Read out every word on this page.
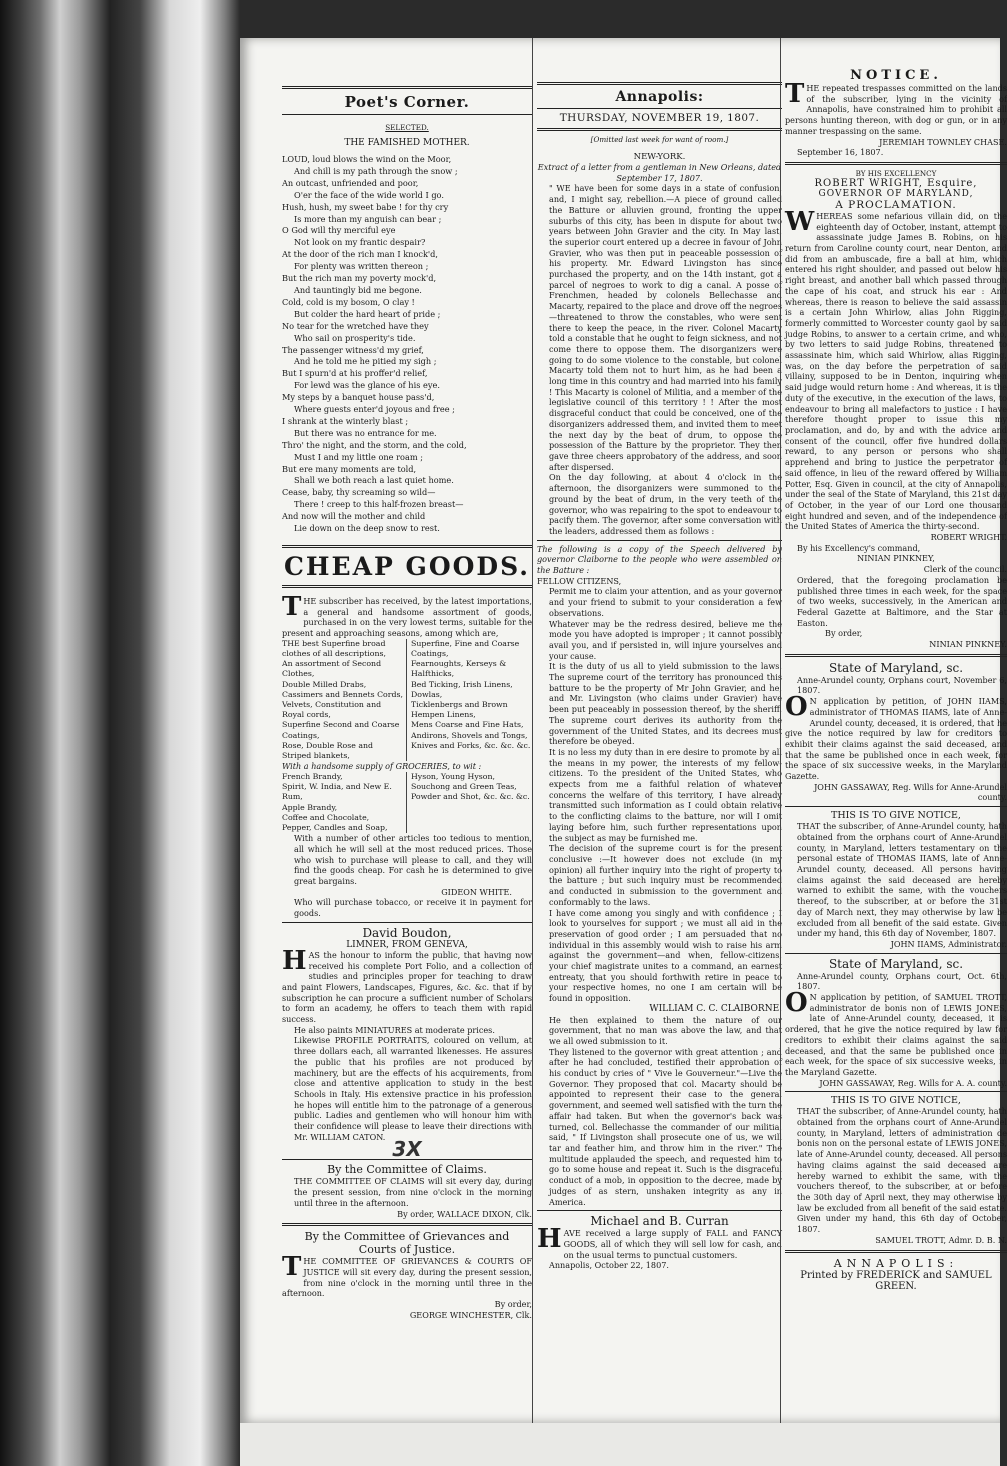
Poet's Corner.
SELECTED.
THE FAMISHED MOTHER.
LOUD, loud blows the wind on the Moor,
And chill is my path through the snow ;
An outcast, unfriended and poor,
O'er the face of the wide world I go.
Hush, hush, my sweet babe ! for thy cry
Is more than my anguish can bear ;
O God will thy merciful eye
Not look on my frantic despair?
At the door of the rich man I knock'd,
For plenty was written thereon ;
But the rich man my poverty mock'd,
And tauntingly bid me begone.
Cold, cold is my bosom, O clay !
But colder the hard heart of pride ;
No tear for the wretched have they
Who sail on prosperity's tide.
The passenger witness'd my grief,
And he told me he pitied my sigh ;
But I spurn'd at his proffer'd relief,
For lewd was the glance of his eye.
My steps by a banquet house pass'd,
Where guests enter'd joyous and free ;
I shrank at the winterly blast ;
But there was no entrance for me.
Thro' the night, and the storm, and the cold,
Must I and my little one roam ;
But ere many moments are told,
Shall we both reach a last quiet home.
Cease, baby, thy screaming so wild—
There ! creep to this half-frozen breast—
And now will the mother and child
Lie down on the deep snow to rest.
CHEAP GOODS.

THE subscriber has received, by the latest importations, a general and handsome assortment of goods, purchased in on the very lowest terms, suitable for the present and approaching seasons, among which are,

THE best Superfine broad clothes of all descriptions,
An assortment of Second Clothes,
Double Milled Drabs,
Cassimers and Bennets Cords,
Velvets, Constitution and Royal cords,
Superfine Second and Coarse Coatings,
Rose, Double Rose and Striped blankets,
Superfine, Fine and Coarse Coatings,
Fearnoughts, Kerseys & Halfthicks,
Bed Ticking, Irish Linens, Dowlas,
Ticklenbergs and Brown Hempen Linens,
Mens Coarse and Fine Hats,
Andirons, Shovels and Tongs,
Knives and Forks, &c. &c. &c.

With a handsome supply of GROCERIES, to wit :

French Brandy,
Spirit, W. India, and New E. Rum,
Apple Brandy,
Coffee and Chocolate,
Pepper, Candles and Soap,
Hyson, Young Hyson, Souchong and Green Teas,
Powder and Shot, &c. &c. &c.

With a number of other articles too tedious to mention, all which he will sell at the most reduced prices. Those who wish to purchase will please to call, and they will find the goods cheap. For cash he is determined to give great bargains.

GIDEON WHITE.

Who will purchase tobacco, or receive it in payment for goods.

David Boudon,
LIMNER, FROM GENEVA,

HAS the honour to inform the public, that having now received his complete Port Folio, and a collection of studies and principles proper for teaching to draw and paint Flowers, Landscapes, Figures, &c. &c. that if by subscription he can procure a sufficient number of Scholars to form an academy, he offers to teach them with rapid success.

He also paints MINIATURES at moderate prices.

Likewise PROFILE PORTRAITS, coloured on vellum, at three dollars each, all warranted likenesses. He assures the public that his profiles are not produced by machinery, but are the effects of his acquirements, from close and attentive application to study in the best Schools in Italy. His extensive practice in his profession he hopes will entitle him to the patronage of a generous public. Ladies and gentlemen who will honour him with their confidence will please to leave their directions with Mr. WILLIAM CATON.

3X
By the Committee of Claims.

THE COMMITTEE OF CLAIMS will sit every day, during the present session, from nine o'clock in the morning until three in the afternoon.

By order, WALLACE DIXON, Clk.

By the Committee of Grievances and
Courts of Justice.

THE COMMITTEE OF GRIEVANCES & COURTS OF JUSTICE will sit every day, during the present session, from nine o'clock in the morning until three in the afternoon.

By order,

GEORGE WINCHESTER, Clk.

Annapolis:
THURSDAY, NOVEMBER 19, 1807.
[Omitted last week for want of room.]
NEW-YORK.

Extract of a letter from a gentleman in New Orleans, dated September 17, 1807.

" WE have been for some days in a state of confusion, and, I might say, rebellion.—A piece of ground called the Batture or alluvien ground, fronting the upper suburbs of this city, has been in dispute for about two years between John Gravier and the city. In May last, the superior court entered up a decree in favour of John Gravier, who was then put in peaceable possession of his property. Mr. Edward Livingston has since purchased the property, and on the 14th instant, got a parcel of negroes to work to dig a canal. A posse of Frenchmen, headed by colonels Bellechasse and Macarty, repaired to the place and drove off the negroes—threatened to throw the constables, who were sent there to keep the peace, in the river. Colonel Macarty told a constable that he ought to feign sickness, and not come there to oppose them. The disorganizers were going to do some violence to the constable, but colonel Macarty told them not to hurt him, as he had been a long time in this country and had married into his family ! This Macarty is colonel of Militia, and a member of the legislative council of this territory ! ! After the most disgraceful conduct that could be conceived, one of the disorganizers addressed them, and invited them to meet the next day by the beat of drum, to oppose the possession of the Batture by the proprietor. They then gave three cheers approbatory of the address, and soon after dispersed.

On the day following, at about 4 o'clock in the afternoon, the disorganizers were summoned to the ground by the beat of drum, in the very teeth of the governor, who was repairing to the spot to endeavour to pacify them. The governor, after some conversation with the leaders, addressed them as follows :

The following is a copy of the Speech delivered by governor Claiborne to the people who were assembled on the Batture :

FELLOW CITIZENS,

Permit me to claim your attention, and as your governor and your friend to submit to your consideration a few observations.

Whatever may be the redress desired, believe me the mode you have adopted is improper ; it cannot possibly avail you, and if persisted in, will injure yourselves and your cause.

It is the duty of us all to yield submission to the laws. The supreme court of the territory has pronounced this batture to be the property of Mr John Gravier, and he, and Mr. Livingston (who claims under Gravier) have been put peaceably in possession thereof, by the sheriff. The supreme court derives its authority from the government of the United States, and its decrees must therefore be obeyed.

It is no less my duty than in ere desire to promote by all the means in my power, the interests of my fellow-citizens. To the president of the United States, who expects from me a faithful relation of whatever concerns the welfare of this territory, I have already transmitted such information as I could obtain relative to the conflicting claims to the batture, nor will I omit laying before him, such further representations upon the subject as may be furnished me.

The decision of the supreme court is for the present conclusive :—It however does not exclude (in my opinion) all further inquiry into the right of property to the batture ; but such inquiry must be recommended and conducted in submission to the government and conformably to the laws.

I have come among you singly and with confidence ; I look to yourselves for support ; we must all aid in the preservation of good order ; I am persuaded that no individual in this assembly would wish to raise his arm against the government—and when, fellow-citizens, your chief magistrate unites to a command, an earnest entreaty, that you should forthwith retire in peace to your respective homes, no one I am certain will be found in opposition.

WILLIAM C. C. CLAIBORNE.

He then explained to them the nature of our government, that no man was above the law, and that we all owed submission to it.

They listened to the governor with great attention ; and after he had concluded, testified their approbation of his conduct by cries of " Vive le Gouverneur."—Live the Governor. They proposed that col. Macarty should be appointed to represent their case to the general government, and seemed well satisfied with the turn the affair had taken. But when the governor's back was turned, col. Bellechasse the commander of our militia, said, " If Livingston shall prosecute one of us, we will tar and feather him, and throw him in the river." The multitude applauded the speech, and requested him to go to some house and repeat it. Such is the disgraceful conduct of a mob, in opposition to the decree, made by judges of as stern, unshaken integrity as any in America.

Michael and B. Curran

HAVE received a large supply of FALL and FANCY GOODS, all of which they will sell low for cash, and on the usual terms to punctual customers.

Annapolis, October 22, 1807.

NOTICE.

THE repeated trespasses committed on the lands of the subscriber, lying in the vicinity of Annapolis, have constrained him to prohibit all persons hunting thereon, with dog or gun, or in any manner trespassing on the same.

JEREMIAH TOWNLEY CHASE.

September 16, 1807.

BY HIS EXCELLENCY
ROBERT WRIGHT, Esquire,
GOVERNOR OF MARYLAND,
A PROCLAMATION.

WHEREAS some nefarious villain did, on the eighteenth day of October, instant, attempt to assassinate judge James B. Robins, on his return from Caroline county court, near Denton, and did from an ambuscade, fire a ball at him, which entered his right shoulder, and passed out below his right breast, and another ball which passed through the cape of his coat, and struck his ear : And whereas, there is reason to believe the said assassin is a certain John Whirlow, alias John Rigging, formerly committed to Worcester county gaol by said judge Robins, to answer to a certain crime, and who, by two letters to said judge Robins, threatened to assassinate him, which said Whirlow, alias Rigging, was, on the day before the perpetration of said villainy, supposed to be in Denton, inquiring when said judge would return home : And whereas, it is the duty of the executive, in the execution of the laws, to endeavour to bring all malefactors to justice : I have therefore thought proper to issue this my proclamation, and do, by and with the advice and consent of the council, offer five hundred dollars reward, to any person or persons who shall apprehend and bring to justice the perpetrator of said offence, in lieu of the reward offered by William Potter, Esq. Given in council, at the city of Annapolis, under the seal of the State of Maryland, this 21st day of October, in the year of our Lord one thousand eight hundred and seven, and of the independence of the United States of America the thirty-second.

ROBERT WRIGHT.

By his Excellency's command,

NINIAN PINKNEY,

Clerk of the council.

Ordered, that the foregoing proclamation be published three times in each week, for the space of two weeks, successively, in the American and Federal Gazette at Baltimore, and the Star at Easton.

By order,

NINIAN PINKNEY.

State of Maryland, sc.

Anne-Arundel county, Orphans court, November 6, 1807.

ON application by petition, of JOHN IIAMS, administrator of THOMAS IIAMS, late of Anne-Arundel county, deceased, it is ordered, that he give the notice required by law for creditors to exhibit their claims against the said deceased, and that the same be published once in each week, for the space of six successive weeks, in the Maryland Gazette.

JOHN GASSAWAY, Reg. Wills for Anne-Arundel county.

THIS IS TO GIVE NOTICE,

THAT the subscriber, of Anne-Arundel county, hath obtained from the orphans court of Anne-Arundel county, in Maryland, letters testamentary on the personal estate of THOMAS IIAMS, late of Anne-Arundel county, deceased. All persons having claims against the said deceased are hereby warned to exhibit the same, with the vouchers thereof, to the subscriber, at or before the 31st day of March next, they may otherwise by law be excluded from all benefit of the said estate. Given under my hand, this 6th day of November, 1807.

JOHN IIAMS, Administrator.

State of Maryland, sc.

Anne-Arundel county, Orphans court, Oct. 6th, 1807.

ON application by petition, of SAMUEL TROTT, administrator de bonis non of LEWIS JONES, late of Anne-Arundel county, deceased, it is ordered, that he give the notice required by law for creditors to exhibit their claims against the said deceased, and that the same be published once in each week, for the space of six successive weeks, in the Maryland Gazette.

JOHN GASSAWAY, Reg. Wills for A. A. county.

THIS IS TO GIVE NOTICE,

THAT the subscriber, of Anne-Arundel county, hath obtained from the orphans court of Anne-Arundel county, in Maryland, letters of administration de bonis non on the personal estate of LEWIS JONES, late of Anne-Arundel county, deceased. All persons having claims against the said deceased are hereby warned to exhibit the same, with the vouchers thereof, to the subscriber, at or before the 30th day of April next, they may otherwise by law be excluded from all benefit of the said estate. Given under my hand, this 6th day of October, 1807.

SAMUEL TROTT, Admr. D. B. N.

ANNAPOLIS:
Printed by FREDERICK and SAMUEL
GREEN.
